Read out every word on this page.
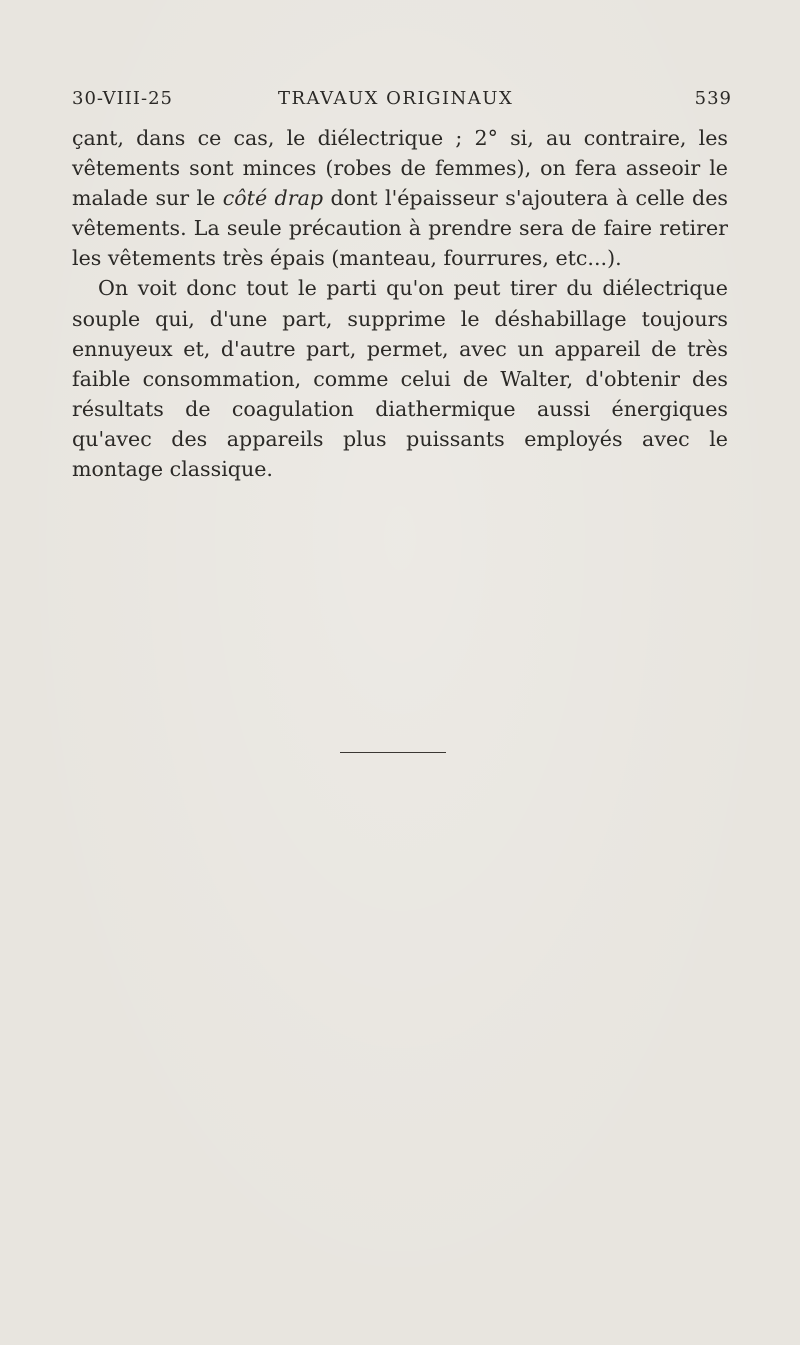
30-VIII-25	TRAVAUX ORIGINAUX	539

çant, dans ce cas, le diélectrique ; 2° si, au contraire, les vêtements sont minces (robes de femmes), on fera asseoir le malade sur le côté drap dont l'épaisseur s'ajoutera à celle des vêtements. La seule précaution à prendre sera de faire retirer les vêtements très épais (manteau, fourrures, etc...).

On voit donc tout le parti qu'on peut tirer du diélectrique souple qui, d'une part, supprime le déshabillage toujours ennuyeux et, d'autre part, permet, avec un appareil de très faible consommation, comme celui de Walter, d'obtenir des résultats de coagulation diathermique aussi énergiques qu'avec des appareils plus puissants employés avec le montage classique.
